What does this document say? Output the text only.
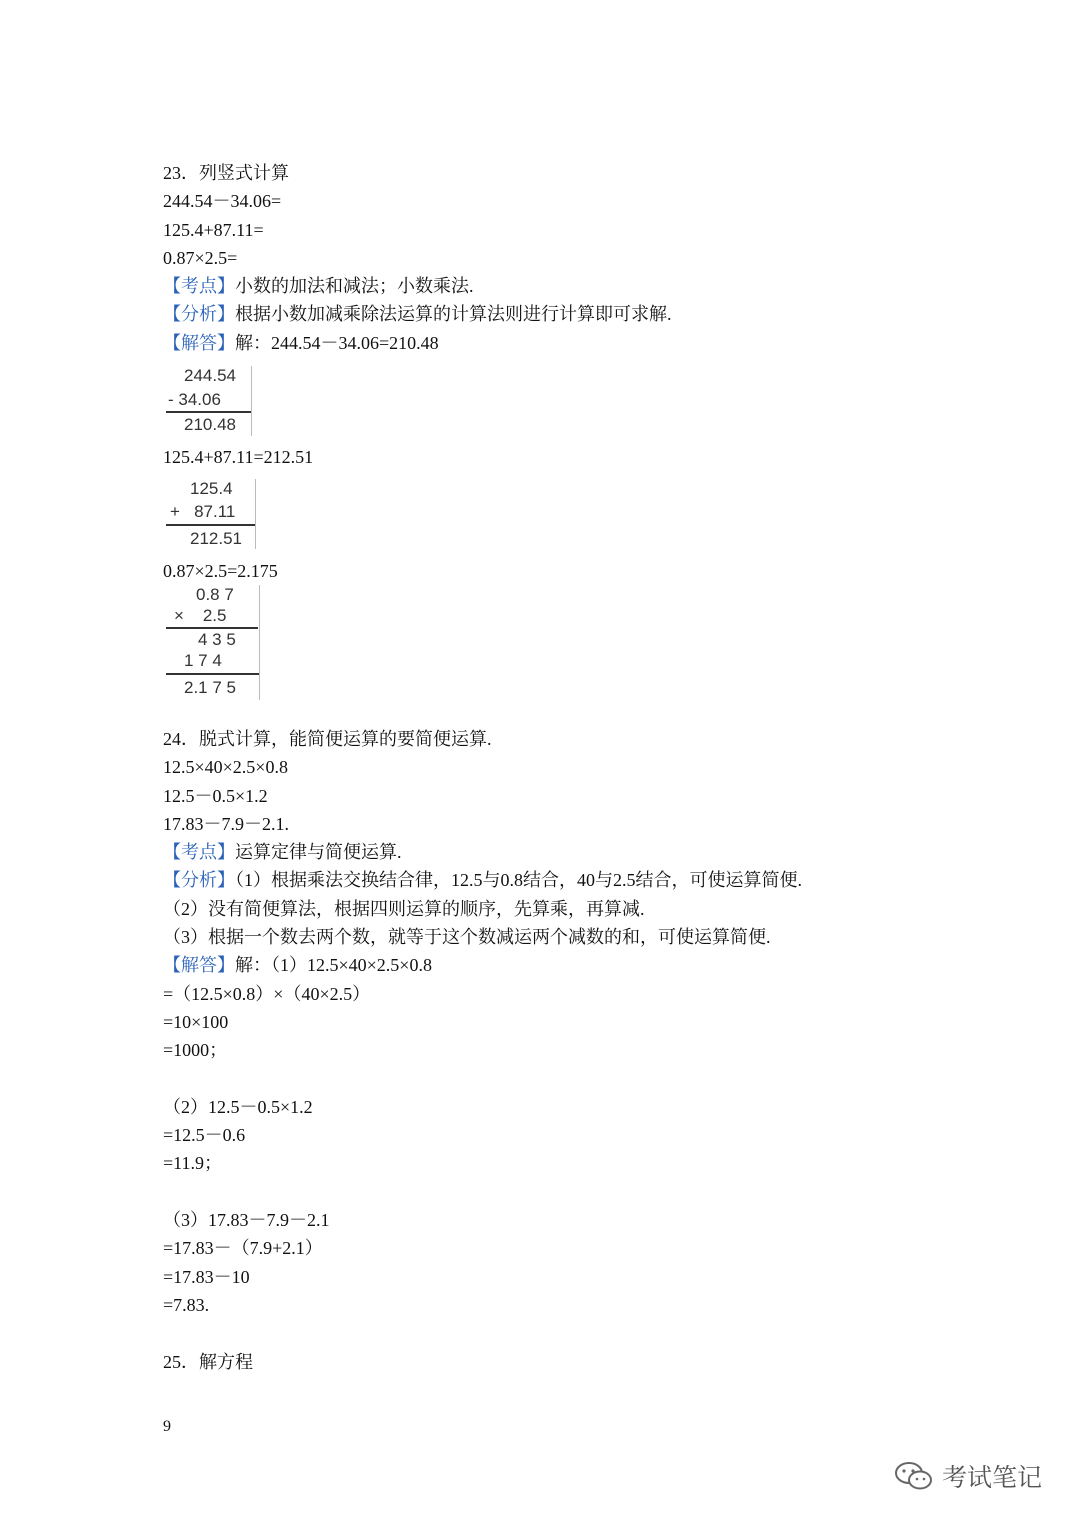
23．列竖式计算
244.54－34.06=
125.4+87.11=
0.87×2.5=
【考点】小数的加法和减法；小数乘法.
【分析】根据小数加减乘除法运算的计算法则进行计算即可求解.
【解答】解：244.54－34.06=210.48
244.54
- 34.06
210.48
125.4+87.11=212.51
125.4
+   87.11
212.51
0.87×2.5=2.175
0.8 7
×    2.5
4 3 5
1 7 4
2.1 7 5
24．脱式计算，能简便运算的要简便运算.
12.5×40×2.5×0.8
12.5－0.5×1.2
17.83－7.9－2.1.
【考点】运算定律与简便运算.
【分析】（1）根据乘法交换结合律，12.5与0.8结合，40与2.5结合，可使运算简便.
（2）没有简便算法，根据四则运算的顺序，先算乘，再算减.
（3）根据一个数去两个数，就等于这个数减运两个减数的和，可使运算简便.
【解答】解：（1）12.5×40×2.5×0.8
=（12.5×0.8）×（40×2.5）
=10×100
=1000；
（2）12.5－0.5×1.2
=12.5－0.6
=11.9；
（3）17.83－7.9－2.1
=17.83－（7.9+2.1）
=17.83－10
=7.83.
25．解方程
9
考试笔记
